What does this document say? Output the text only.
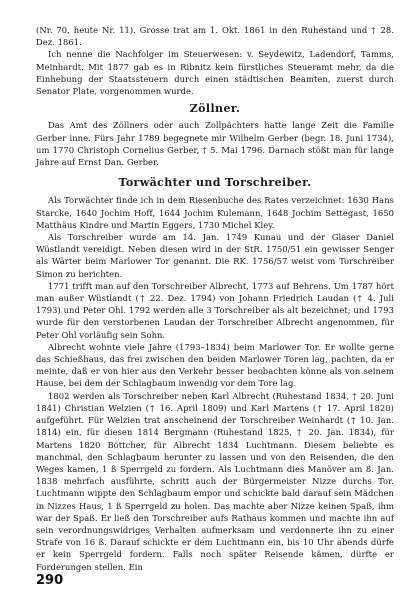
(Nr. 70, heute Nr. 11). Grosse trat am 1. Okt. 1861 in den Ruhestand und † 28. Dez. 1861.

Ich nenne die Nachfolger im Steuerwesen: v. Seydewitz, Ladendorf, Tamms, Meinhardt. Mit 1877 gab es in Ribnitz kein fürstliches Steueramt mehr, da die Einhebung der Staatssteuern durch einen städtischen Beamten, zuerst durch Senator Plate, vorgenommen wurde.

Zöllner.

Das Amt des Zöllners oder auch Zollpächters hatte lange Zeit die Familie Gerber inne. Fürs Jahr 1789 begegnete mir Wilhelm Gerber (begr. 18. Juni 1734), um 1770 Christoph Cornelius Gerber, † 5. Mai 1796. Darnach stößt man für lange Jahre auf Ernst Dan. Gerber.

Torwächter und Torschreiber.

Als Torwächter finde ich in dem Riesenbuche des Rates verzeichnet: 1630 Hans Starcke, 1640 Jochim Hoff, 1644 Jochim Kulemann, 1648 Jochim Settegast, 1650 Matthäus Kindre und Martin Eggers, 1730 Michel Kley.

Als Torschreiber wurde am 14. Jan. 1749 Kunau und der Glaser Daniel Wüstlandt vereidigt. Neben diesen wird in der StR. 1750/51 ein gewisser Senger als Wärter beim Marlower Tor genannt. Die RK. 1756/57 weist vom Torschreiber Simon zu berichten.

1771 trifft man auf den Torschreiber Albrecht, 1773 auf Behrens. Um 1787 hört man außer Wüstlandt († 22. Dez. 1794) von Johann Friedrich Laudan († 4. Juli 1793) und Peter Ohl. 1792 werden alle 3 Torschreiber als alt bezeichnet; und 1793 wurde für den verstorbenen Laudan der Torschreiber Albrecht angenommen, für Peter Ohl vorläufig sein Sohn.

Albrecht wohnte viele Jahre (1793–1834) beim Marlower Tor. Er wollte gerne das Schießhaus, das frei zwischen den beiden Marlower Toren lag, pachten, da er meinte, daß er von hier aus den Verkehr besser beobachten könne als von seinem Hause, bei dem der Schlagbaum inwendig vor dem Tore lag.

1802 werden als Torschreiber neben Karl Albrecht (Ruhestand 1834, † 20. Juni 1841) Christian Welzien († 16. April 1809) und Karl Martens († 17. April 1820) aufgeführt. Für Welzien trat anscheinend der Torschreiber Weinhardt († 10. Jan. 1814) ein, für diesen 1814 Bergmann (Ruhestand 1825, † 20. Jan. 1834), für Martens 1820 Böttcher, für Albrecht 1834 Luchtmann. Diesem beliebte es manchmal, den Schlagbaum herunter zu lassen und von den Reisenden, die den Weges kamen, 1 ß Sperrgeld zu fordern. Als Luchtmann dies Manöver am 8. Jan. 1838 mehrfach ausführte, schritt auch der Bürgermeister Nizze durchs Tor. Luchtmann wippte den Schlagbaum empor und schickte bald darauf sein Mädchen in Nizzes Haus, 1 ß Sperrgeld zu holen. Das machte aber Nizze keinen Spaß, ihm war der Spaß. Er ließ den Torschreiber aufs Rathaus kommen und machte ihn auf sein verordnungswidriges Verhalten aufmerksam und verdonnerte ihn zu einer Strafe von 16 ß. Darauf schickte er dem Luchtmann ein, bis 10 Uhr abends dürfe er kein Sperrgeld fordern. Falls noch später Reisende kämen, dürfte er Forderungen stellen. Ein

290
